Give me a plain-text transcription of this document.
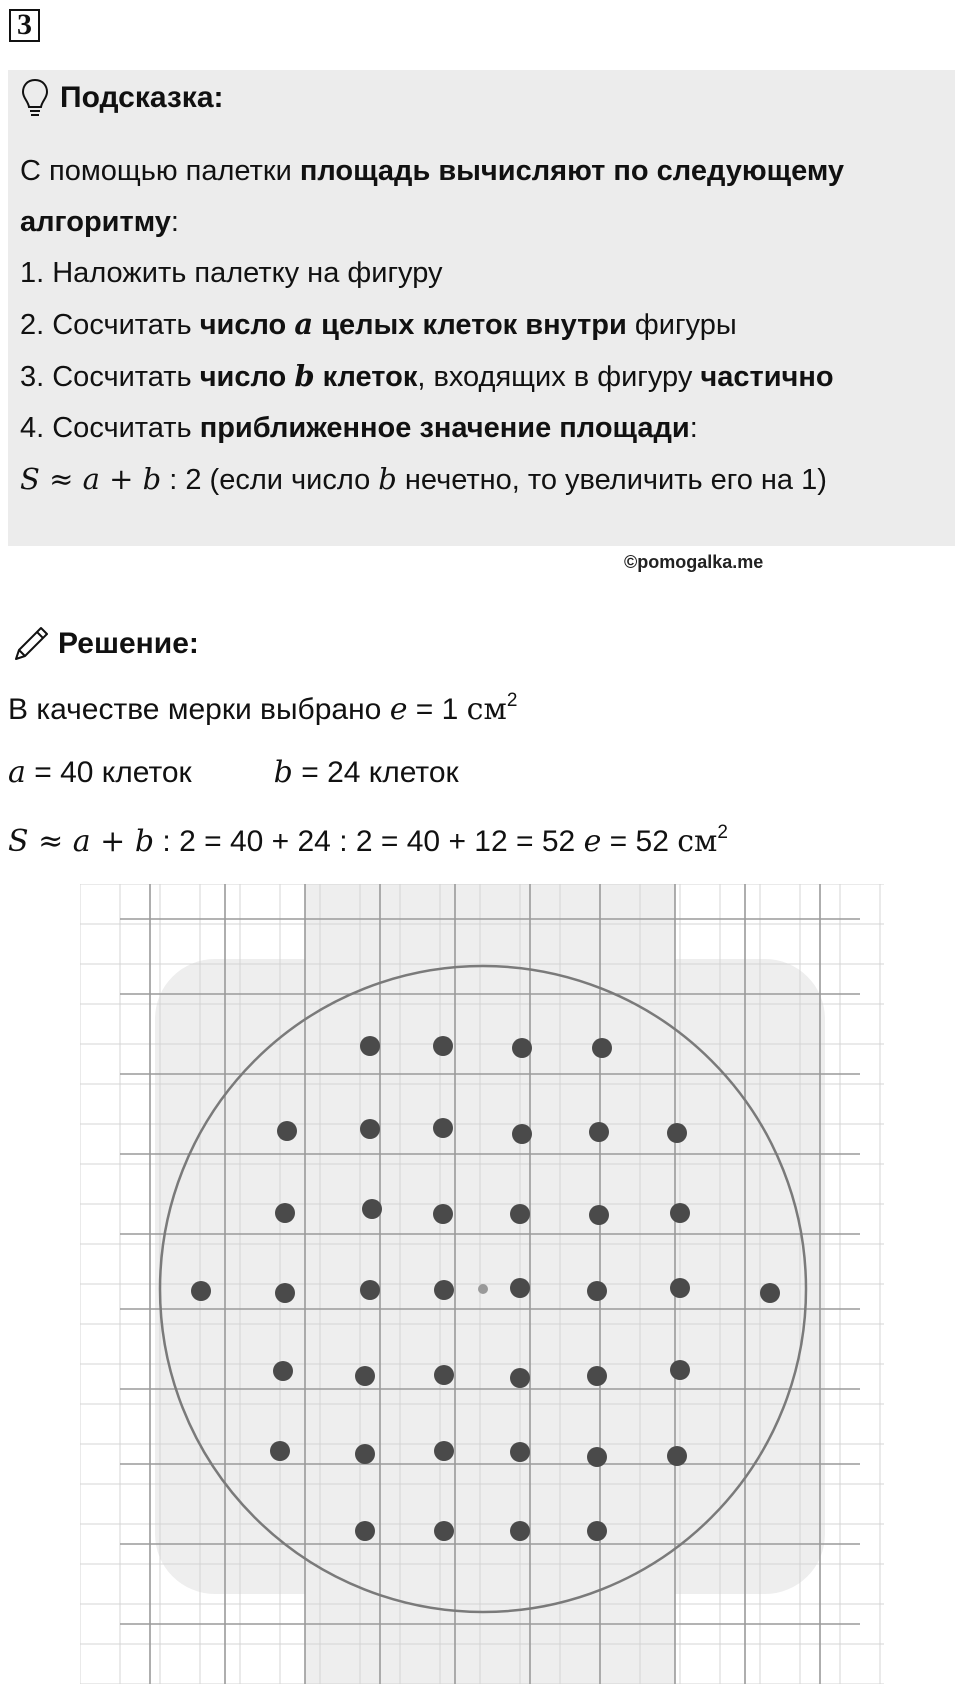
3
Подсказка:

С помощью палетки площадь вычисляют по следующему

алгоритму:

1. Наложить палетку на фигуру

2. Сосчитать число a целых клеток внутри фигуры

3. Сосчитать число b клеток, входящих в фигуру частично

4. Сосчитать приближенное значение площади:

S ≈ a + b : 2 (если число b нечетно, то увеличить его на 1)

©pomogalka.me
Решение:
В качестве мерки выбрано e = 1 $см^2$
a = 40 клеток	b = 24 клеток
S ≈ a + b : 2 = 40 + 24 : 2 = 40 + 12 = 52 e = 52 $см^2$
